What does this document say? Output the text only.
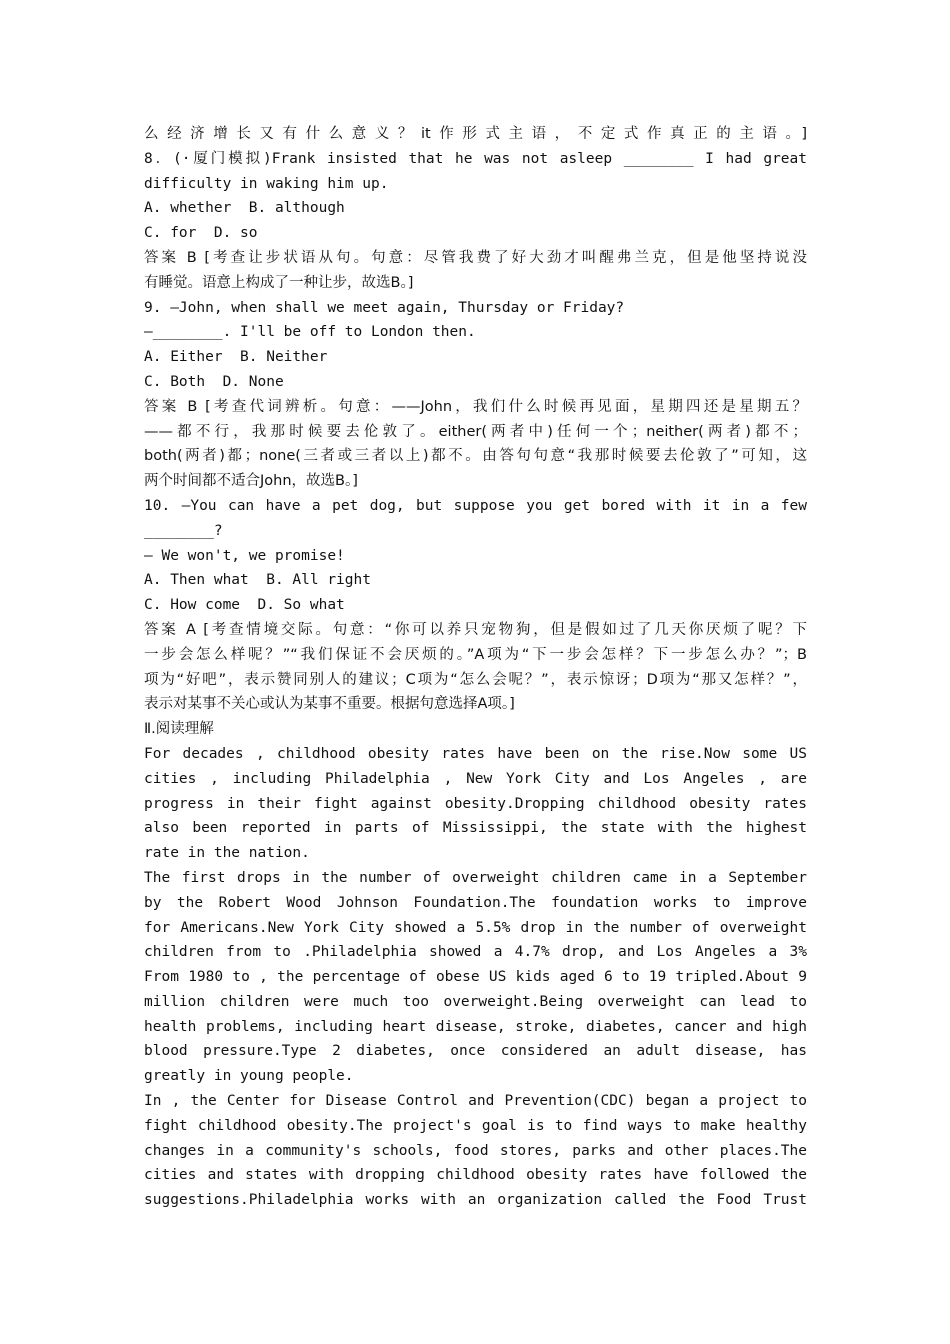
么经济增长又有什么意义？it作形式主语，不定式作真正的主语。]
8．(·厦门模拟)Frank insisted that he was not asleep ________ I had great
difficulty in waking him up.
A. whether  B. although
C. for  D. so
答案 B [考查让步状语从句。句意：尽管我费了好大劲才叫醒弗兰克，但是他坚持说没
有睡觉。语意上构成了一种让步，故选B。]
9. —John, when shall we meet again, Thursday or Friday?
—________. I'll be off to London then.
A. Either  B. Neither
C. Both  D. None
答案 B [考查代词辨析。句意：——John，我们什么时候再见面，星期四还是星期五？
——都不行，我那时候要去伦敦了。either(两者中)任何一个；neither(两者)都不；
both(两者)都；none(三者或三者以上)都不。由答句句意“我那时候要去伦敦了”可知，这
两个时间都不适合John，故选B。]
10. —You can have a pet dog, but suppose you get bored with it in a few
________?
— We won't, we promise!
A. Then what  B. All right
C. How come  D. So what
答案 A [考查情境交际。句意：“你可以养只宠物狗，但是假如过了几天你厌烦了呢？下
一步会怎么样呢？”“我们保证不会厌烦的。”A项为“下一步会怎样？下一步怎么办？”；B
项为“好吧”，表示赞同别人的建议；C项为“怎么会呢？”，表示惊讶；D项为“那又怎样？”，
表示对某事不关心或认为某事不重要。根据句意选择A项。]
Ⅱ.阅读理解
For decades , childhood obesity rates have been on the rise.Now some US
cities , including Philadelphia , New York City and Los Angeles , are
progress in their fight against obesity.Dropping childhood obesity rates
also been reported in parts of Mississippi, the state with the highest
rate in the nation.
The first drops in the number of overweight children came in a September
by the Robert Wood Johnson Foundation.The foundation works to improve
for Americans.New York City showed a 5.5% drop in the number of overweight
children from to .Philadelphia showed a 4.7% drop, and Los Angeles a 3%
From 1980 to , the percentage of obese US kids aged 6 to 19 tripled.About 9
million children were much too overweight.Being overweight can lead to
health problems, including heart disease, stroke, diabetes, cancer and high
blood pressure.Type 2 diabetes, once considered an adult disease, has
greatly in young people.
In , the Center for Disease Control and Prevention(CDC) began a project to
fight childhood obesity.The project's goal is to find ways to make healthy
changes in a community's schools, food stores, parks and other places.The
cities and states with dropping childhood obesity rates have followed the
suggestions.Philadelphia works with an organization called the Food Trust
